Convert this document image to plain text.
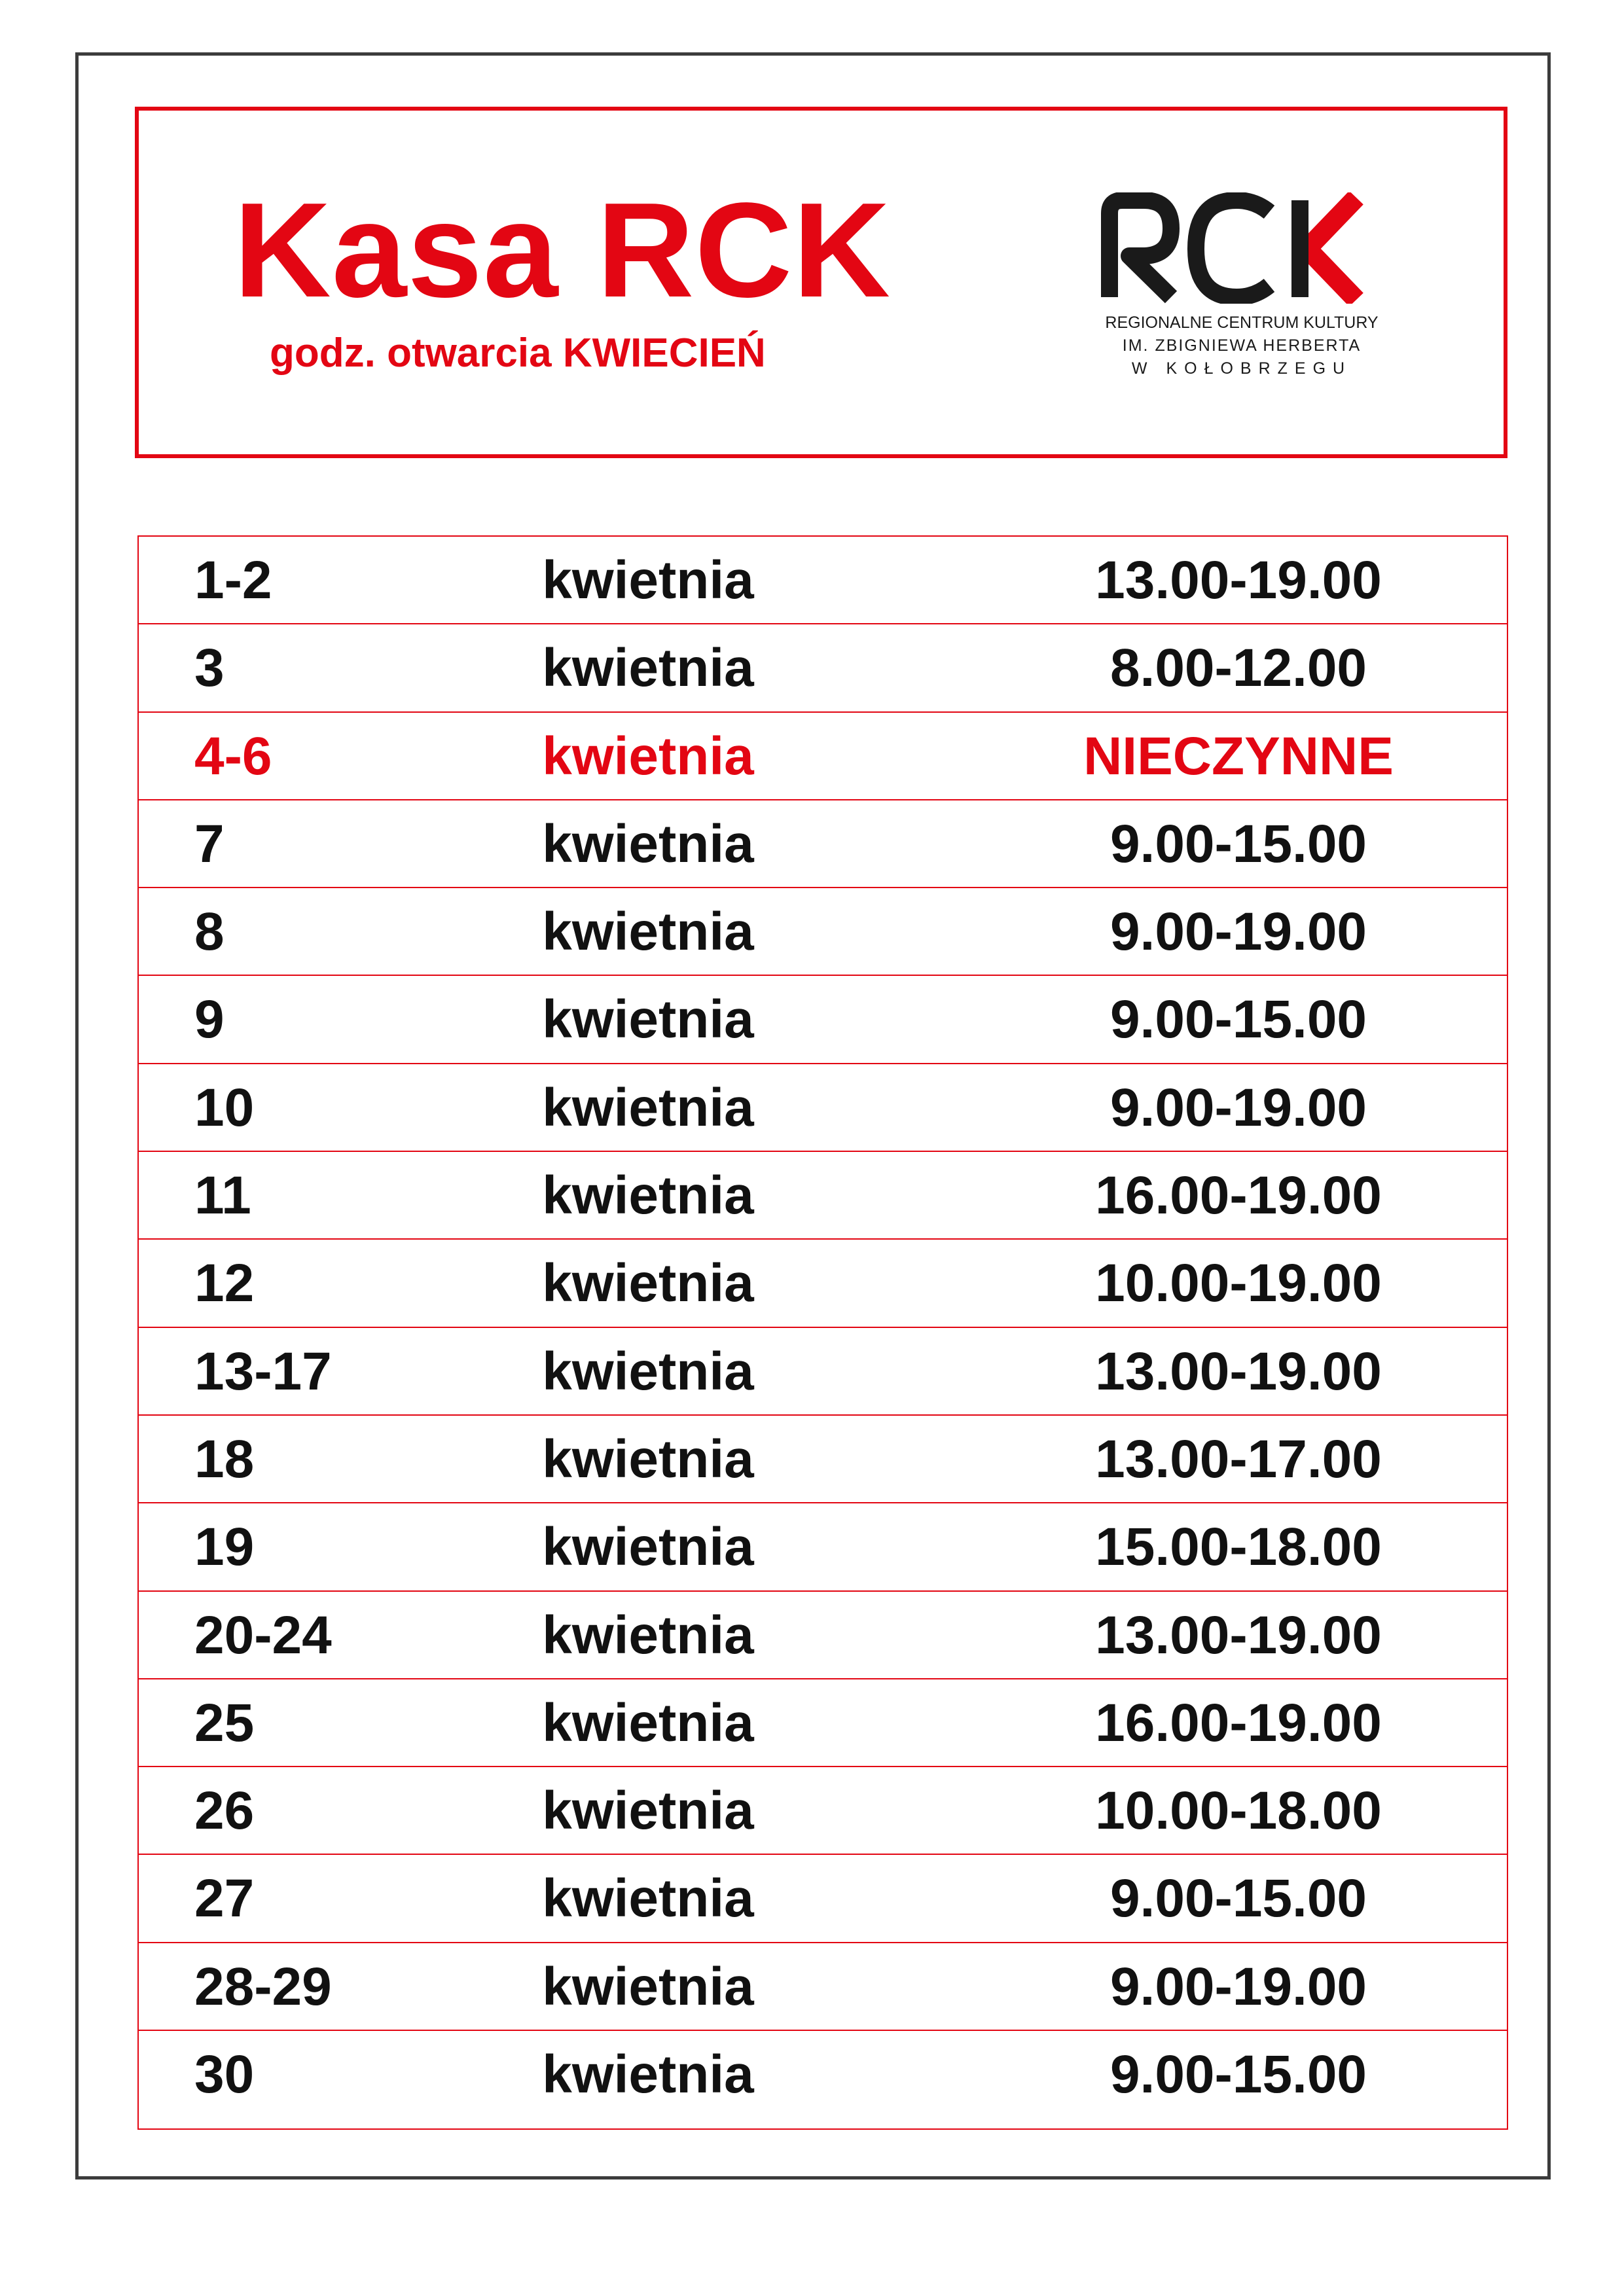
Kasa RCK
godz. otwarcia KWIECIEŃ
REGIONALNE CENTRUM KULTURY
IM. ZBIGNIEWA HERBERTA
W KOŁOBRZEGU
1-2	kwietnia	13.00-19.00
3	kwietnia	8.00-12.00
4-6	kwietnia	NIECZYNNE
7	kwietnia	9.00-15.00
8	kwietnia	9.00-19.00
9	kwietnia	9.00-15.00
10	kwietnia	9.00-19.00
11	kwietnia	16.00-19.00
12	kwietnia	10.00-19.00
13-17	kwietnia	13.00-19.00
18	kwietnia	13.00-17.00
19	kwietnia	15.00-18.00
20-24	kwietnia	13.00-19.00
25	kwietnia	16.00-19.00
26	kwietnia	10.00-18.00
27	kwietnia	9.00-15.00
28-29	kwietnia	9.00-19.00
30	kwietnia	9.00-15.00
